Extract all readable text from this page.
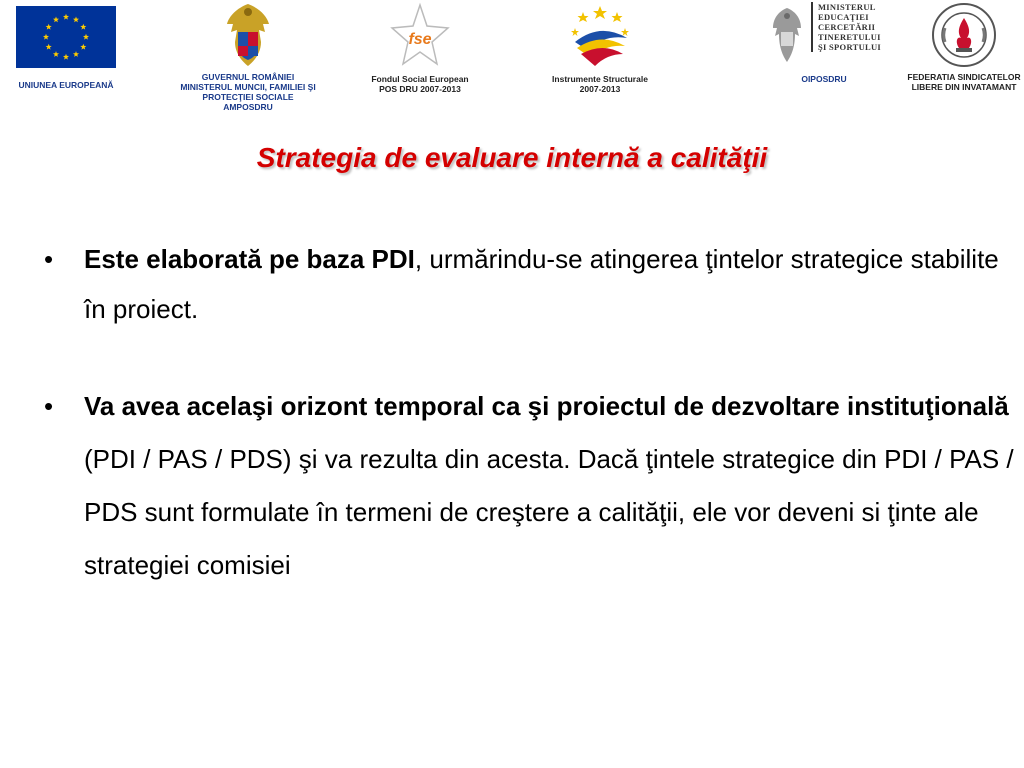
UNIUNEA EUROPEANĂ
GUVERNUL ROMÂNIEI
MINISTERUL MUNCII, FAMILIEI ŞI
PROTECŢIEI SOCIALE
AMPOSDRU
fse
Fondul Social European
POS DRU 2007-2013
Instrumente Structurale
2007-2013
MINISTERUL
EDUCAŢIEI
CERCETĂRII
TINERETULUI
ŞI SPORTULUI
OIPOSDRU	FEDERATIA SINDICATELOR
LIBERE DIN INVATAMANT
Strategia de evaluare internă a calităţii
• Este elaborată pe baza PDI, urmărindu-se atingerea ţintelor strategice stabilite în proiect.
• Va avea acelaşi orizont temporal ca şi proiectul de dezvoltare instituţională (PDI / PAS / PDS) şi va rezulta din acesta. Dacă ţintele strategice din PDI / PAS / PDS sunt formulate în termeni de creştere a calităţii, ele vor deveni si ţinte ale strategiei comisiei
